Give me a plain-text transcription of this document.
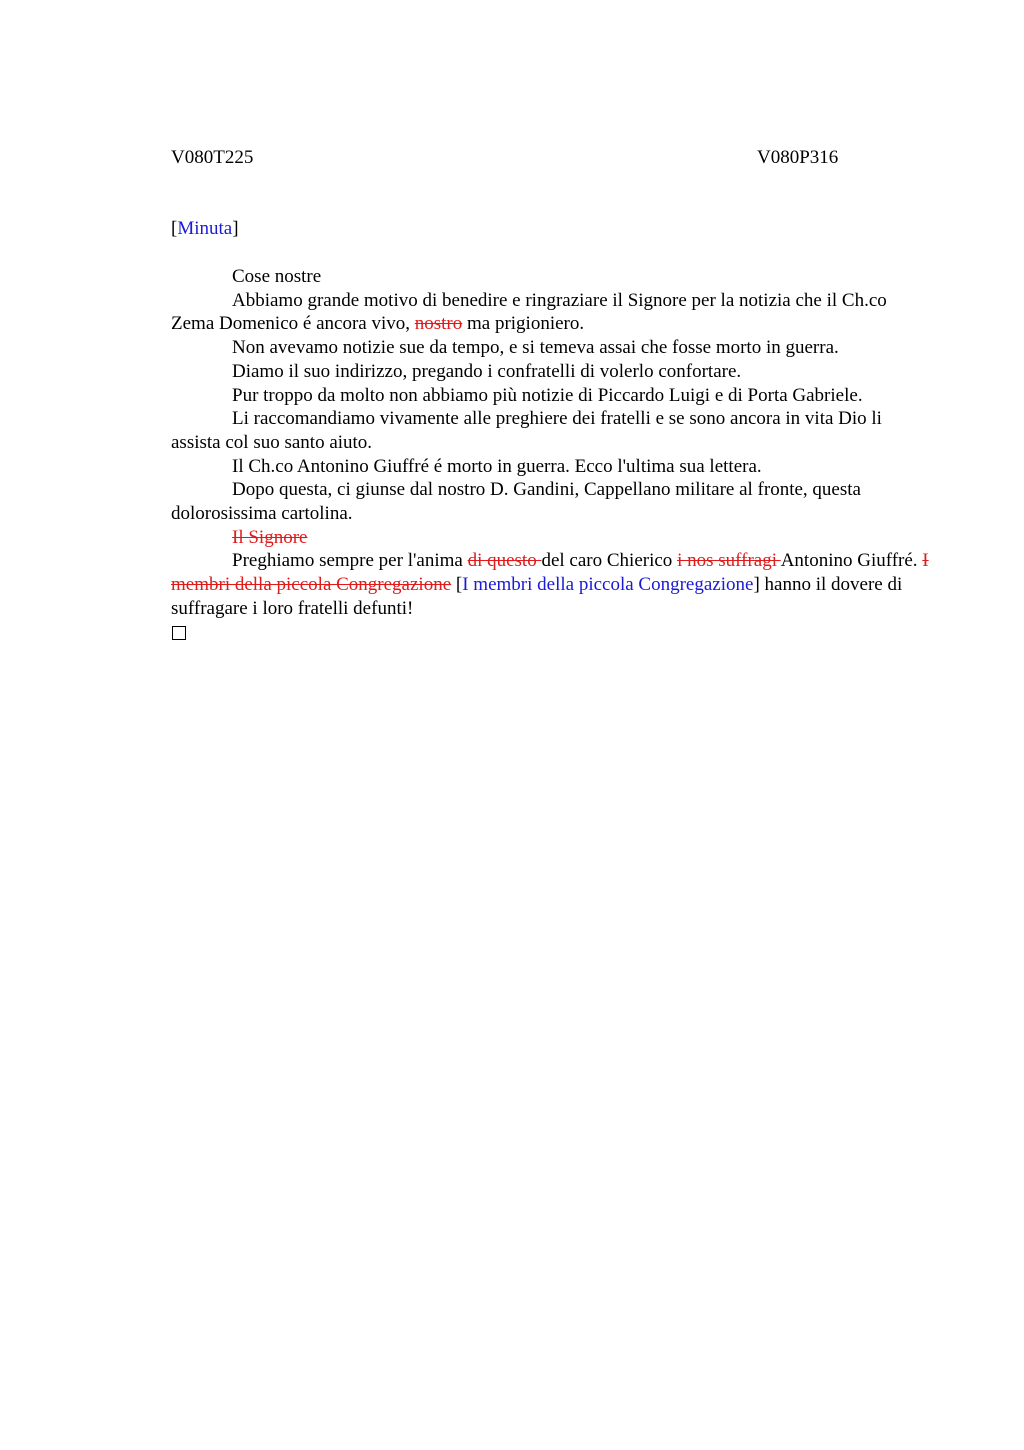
V080T225	V080P316
[Minuta]

Cose nostre

Abbiamo grande motivo di benedire e ringraziare il Signore per la notizia che il Ch.co Zema Domenico é ancora vivo, nostro ma prigioniero.

Non avevamo notizie sue da tempo, e si temeva assai che fosse morto in guerra.

Diamo il suo indirizzo, pregando i confratelli di volerlo confortare.

Pur troppo da molto non abbiamo più notizie di Piccardo Luigi e di Porta Gabriele.

Li raccomandiamo vivamente alle preghiere dei fratelli e se sono ancora in vita Dio li assista col suo santo aiuto.

Il Ch.co Antonino Giuffré é morto in guerra. Ecco l'ultima sua lettera.

Dopo questa, ci giunse dal nostro D. Gandini, Cappellano militare al fronte, questa dolorosissima cartolina.

Il Signore

Preghiamo sempre per l'anima di questo del caro Chierico i nos suffragi Antonino Giuffré. I membri della piccola Congregazione [I membri della piccola Congregazione] hanno il dovere di suffragare i loro fratelli defunti!
